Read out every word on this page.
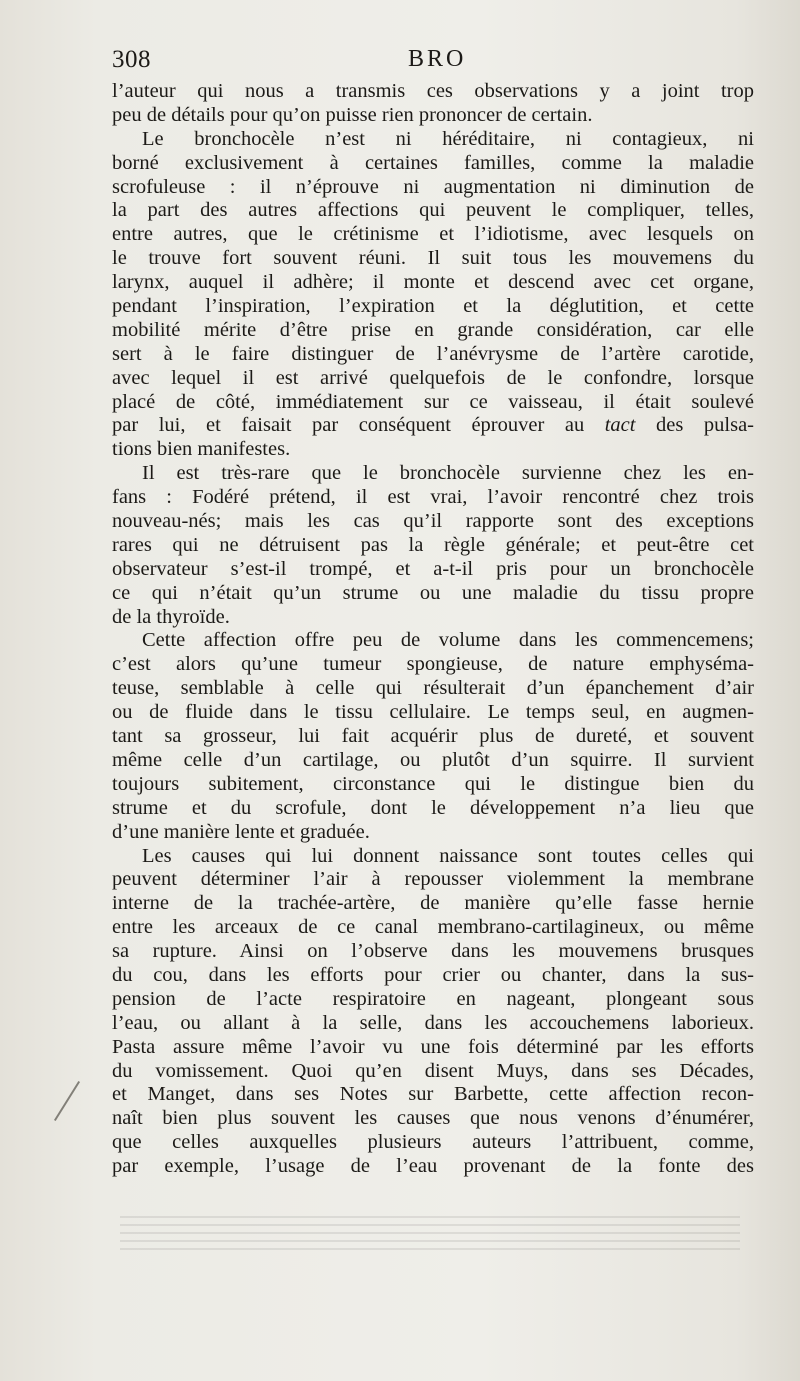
308	BRO
l’auteur qui nous a transmis ces observations y a joint trop
peu de détails pour qu’on puisse rien prononcer de certain.
Le bronchocèle n’est ni héréditaire, ni contagieux, ni
borné exclusivement à certaines familles, comme la maladie
scrofuleuse : il n’éprouve ni augmentation ni diminution de
la part des autres affections qui peuvent le compliquer, telles,
entre autres, que le crétinisme et l’idiotisme, avec lesquels on
le trouve fort souvent réuni. Il suit tous les mouvemens du
larynx, auquel il adhère; il monte et descend avec cet organe,
pendant l’inspiration, l’expiration et la déglutition, et cette
mobilité mérite d’être prise en grande considération, car elle
sert à le faire distinguer de l’anévrysme de l’artère carotide,
avec lequel il est arrivé quelquefois de le confondre, lorsque
placé de côté, immédiatement sur ce vaisseau, il était soulevé
par lui, et faisait par conséquent éprouver au tact des pulsa-
tions bien manifestes.
Il est très-rare que le bronchocèle survienne chez les en-
fans : Fodéré prétend, il est vrai, l’avoir rencontré chez trois
nouveau-nés; mais les cas qu’il rapporte sont des exceptions
rares qui ne détruisent pas la règle générale; et peut-être cet
observateur s’est-il trompé, et a-t-il pris pour un bronchocèle
ce qui n’était qu’un strume ou une maladie du tissu propre
de la thyroïde.
Cette affection offre peu de volume dans les commencemens;
c’est alors qu’une tumeur spongieuse, de nature emphyséma-
teuse, semblable à celle qui résulterait d’un épanchement d’air
ou de fluide dans le tissu cellulaire. Le temps seul, en augmen-
tant sa grosseur, lui fait acquérir plus de dureté, et souvent
même celle d’un cartilage, ou plutôt d’un squirre. Il survient
toujours subitement, circonstance qui le distingue bien du
strume et du scrofule, dont le développement n’a lieu que
d’une manière lente et graduée.
Les causes qui lui donnent naissance sont toutes celles qui
peuvent déterminer l’air à repousser violemment la membrane
interne de la trachée-artère, de manière qu’elle fasse hernie
entre les arceaux de ce canal membrano-cartilagineux, ou même
sa rupture. Ainsi on l’observe dans les mouvemens brusques
du cou, dans les efforts pour crier ou chanter, dans la sus-
pension de l’acte respiratoire en nageant, plongeant sous
l’eau, ou allant à la selle, dans les accouchemens laborieux.
Pasta assure même l’avoir vu une fois déterminé par les efforts
du vomissement. Quoi qu’en disent Muys, dans ses Décades,
et Manget, dans ses Notes sur Barbette, cette affection recon-
naît bien plus souvent les causes que nous venons d’énumérer,
que celles auxquelles plusieurs auteurs l’attribuent, comme,
par exemple, l’usage de l’eau provenant de la fonte des
